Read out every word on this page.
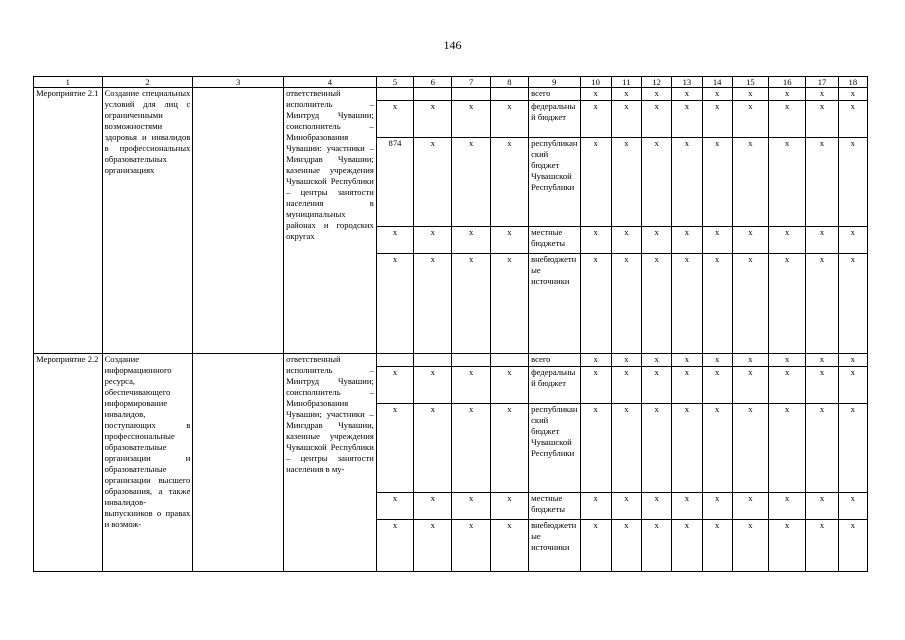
146
1	2	3	4	5	6	7	8	9	10	11	12	13	14	15	16	17	18
Мероприятие 2.1	Создание специальных условий для лиц с ограниченными возможностями здоровья и инвалидов в профессиональных образовательных организациях		ответственный исполнитель – Минтруд Чувашии; соисполнитель – Минобразования Чувашии: участники – Минздрав Чувашии; казенные учреждения Чувашской Республики – центры занятости населения в муниципальных районах и городских округах					всего	x	x	x	x	x	x	x	x	x
				x	x	x	x	федеральный бюджет	x	x	x	x	x	x	x	x	x
				874	x	x	x	республиканский бюджет Чувашской Республики	x	x	x	x	x	x	x	x	x
				x	x	x	x	местные бюджеты	x	x	x	x	x	x	x	x	x
				x	x	x	x	внебюджетные источники	x	x	x	x	x	x	x	x	x
Мероприятие 2.2	Создание информационного ресурса, обеспечивающего информирование инвалидов, поступающих в профессиональные образовательные организации и образовательные организации высшего образования, а также инвалидов-выпускников о правах и возмож-		ответственный исполнитель – Минтруд Чувашии; соисполнитель – Минобразования Чувашии; участники – Минздрав Чувашии, казенные учреждения Чувашской Республики – центры занятости населения в му-					всего	x	x	x	x	x	x	x	x	x
				x	x	x	x	федеральный бюджет	x	x	x	x	x	x	x	x	x
				x	x	x	x	республиканский бюджет Чувашской Республики	x	x	x	x	x	x	x	x	x
				x	x	x	x	местные бюджеты	x	x	x	x	x	x	x	x	x
				x	x	x	x	внебюджетные источники	x	x	x	x	x	x	x	x	x
